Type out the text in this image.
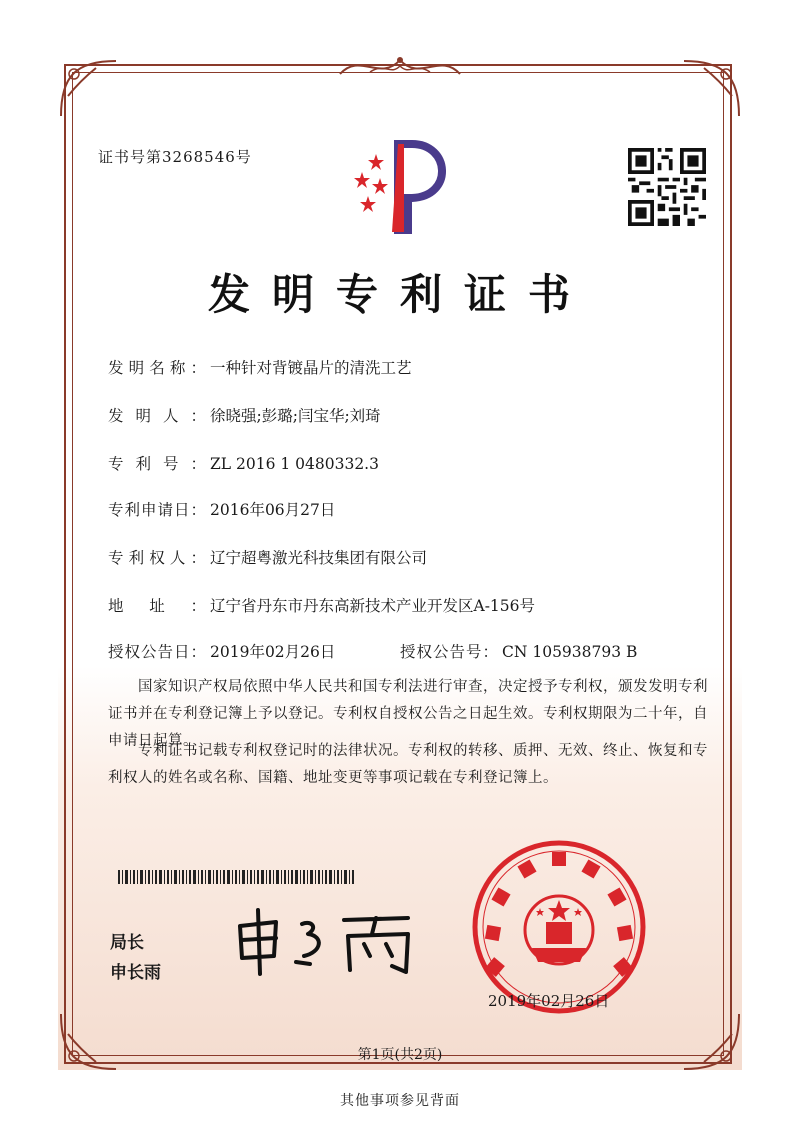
证书号第3268546号
发明专利证书
发明名称： 一种针对背镀晶片的清洗工艺
发明人： 徐晓强;彭璐;闫宝华;刘琦
专利号： ZL 2016 1 0480332.3
专利申请日： 2016年06月27日
专利权人： 辽宁超粤激光科技集团有限公司
地址： 辽宁省丹东市丹东高新技术产业开发区A-156号
授权公告日： 2019年02月26日	授权公告号： CN 105938793 B
国家知识产权局依照中华人民共和国专利法进行审查，决定授予专利权，颁发发明专利证书并在专利登记簿上予以登记。专利权自授权公告之日起生效。专利权期限为二十年，自申请日起算。
专利证书记载专利权登记时的法律状况。专利权的转移、质押、无效、终止、恢复和专利权人的姓名或名称、国籍、地址变更等事项记载在专利登记簿上。
局长
申长雨
2019年02月26日
第1页(共2页)
其他事项参见背面
